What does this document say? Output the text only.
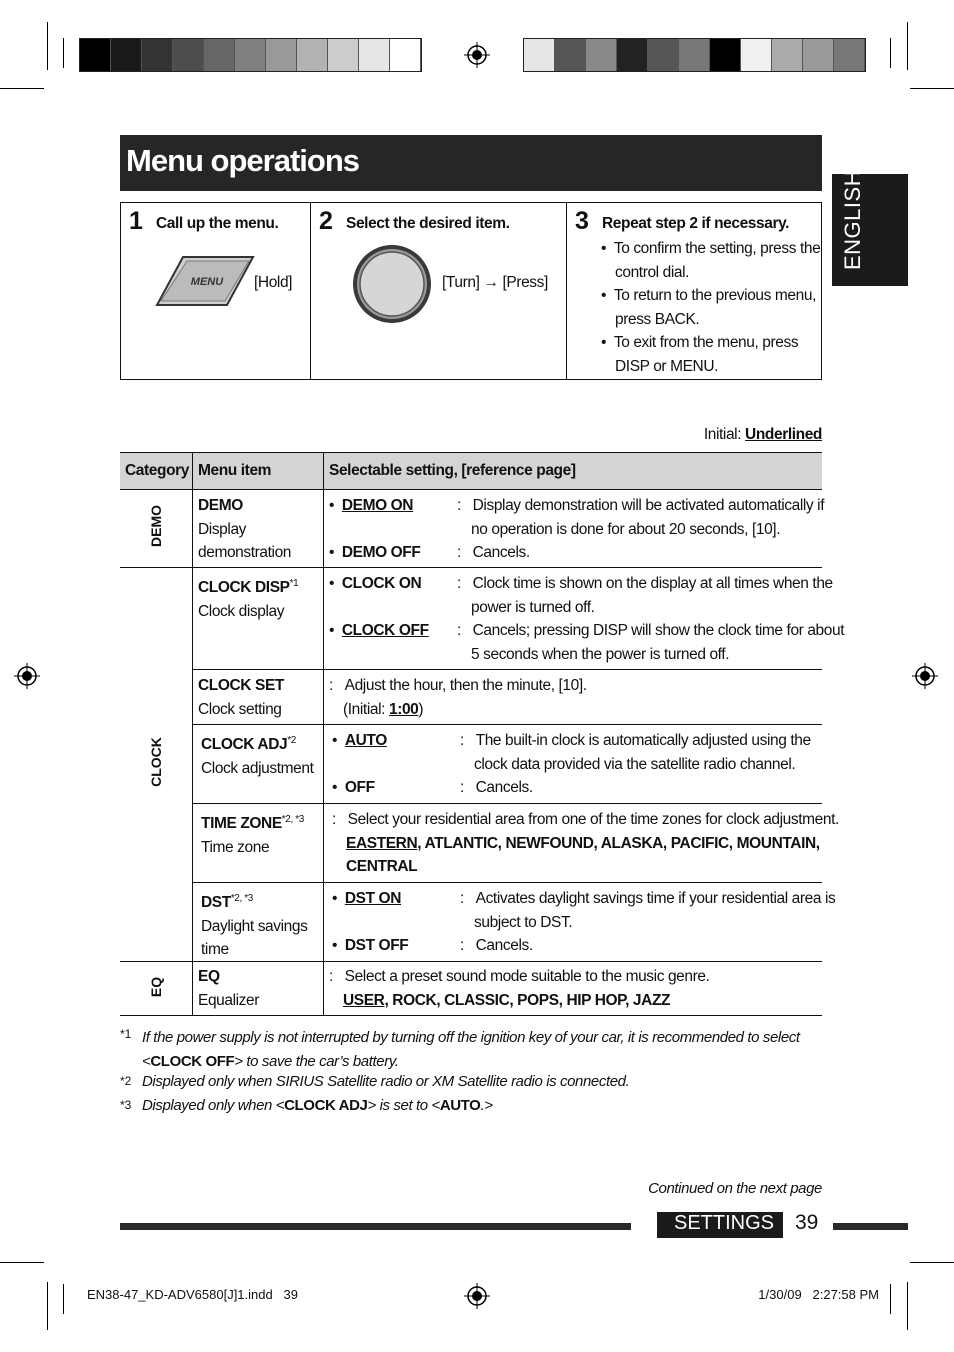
Menu operations
ENGLISH
1 Call up the menu.
MENU [Hold]
2 Select the desired item.
[Turn] → [Press]
3 Repeat step 2 if necessary.
•  To confirm the setting, press the
control dial.
•  To return to the previous menu,
press BACK.
•  To exit from the menu, press
DISP or MENU.
Initial: Underlined
Category Menu item	Selectable setting, [reference page]
DEMO
CLOCK
EQ
DEMO
Display
demonstration
•  DEMO ON

•  DEMO OFF
:   Display demonstration will be activated automatically if
no operation is done for about 20 seconds, [10].
:   Cancels.
CLOCK DISP$^{*1}$
Clock display
•  CLOCK ON

•  CLOCK OFF
:   Clock time is shown on the display at all times when the
power is turned off.
:   Cancels; pressing DISP will show the clock time for about
5 seconds when the power is turned off.
CLOCK SET
Clock setting
:   Adjust the hour, then the minute, [10].
(Initial: 1:00)
CLOCK ADJ$^{*2}$
Clock adjustment
•  AUTO

•  OFF
:   The built-in clock is automatically adjusted using the
clock data provided via the satellite radio channel.
:   Cancels.
TIME $ZONE^{*2, *3}$
Time zone
:   Select your residential area from one of the time zones for clock adjustment.
EASTERN, ATLANTIC, NEWFOUND, ALASKA, PACIFIC, MOUNTAIN,
CENTRAL
$DST^{*2, *3}$
Daylight savings
time
•  DST ON

•  DST OFF
:   Activates daylight savings time if your residential area is
subject to DST.
:   Cancels.
EQ
Equalizer
:   Select a preset sound mode suitable to the music genre.
USER, ROCK, CLASSIC, POPS, HIP HOP, JAZZ
*1 If the power supply is not interrupted by turning off the ignition key of your car, it is recommended to select
<CLOCK OFF> to save the car’s battery.
*2 Displayed only when SIRIUS Satellite radio or XM Satellite radio is connected.
*3 Displayed only when <CLOCK ADJ> is set to <AUTO.>
Continued on the next page
SETTINGS 39
EN38-47_KD-ADV6580[J]1.indd   39	1/30/09   2:27:58 PM
